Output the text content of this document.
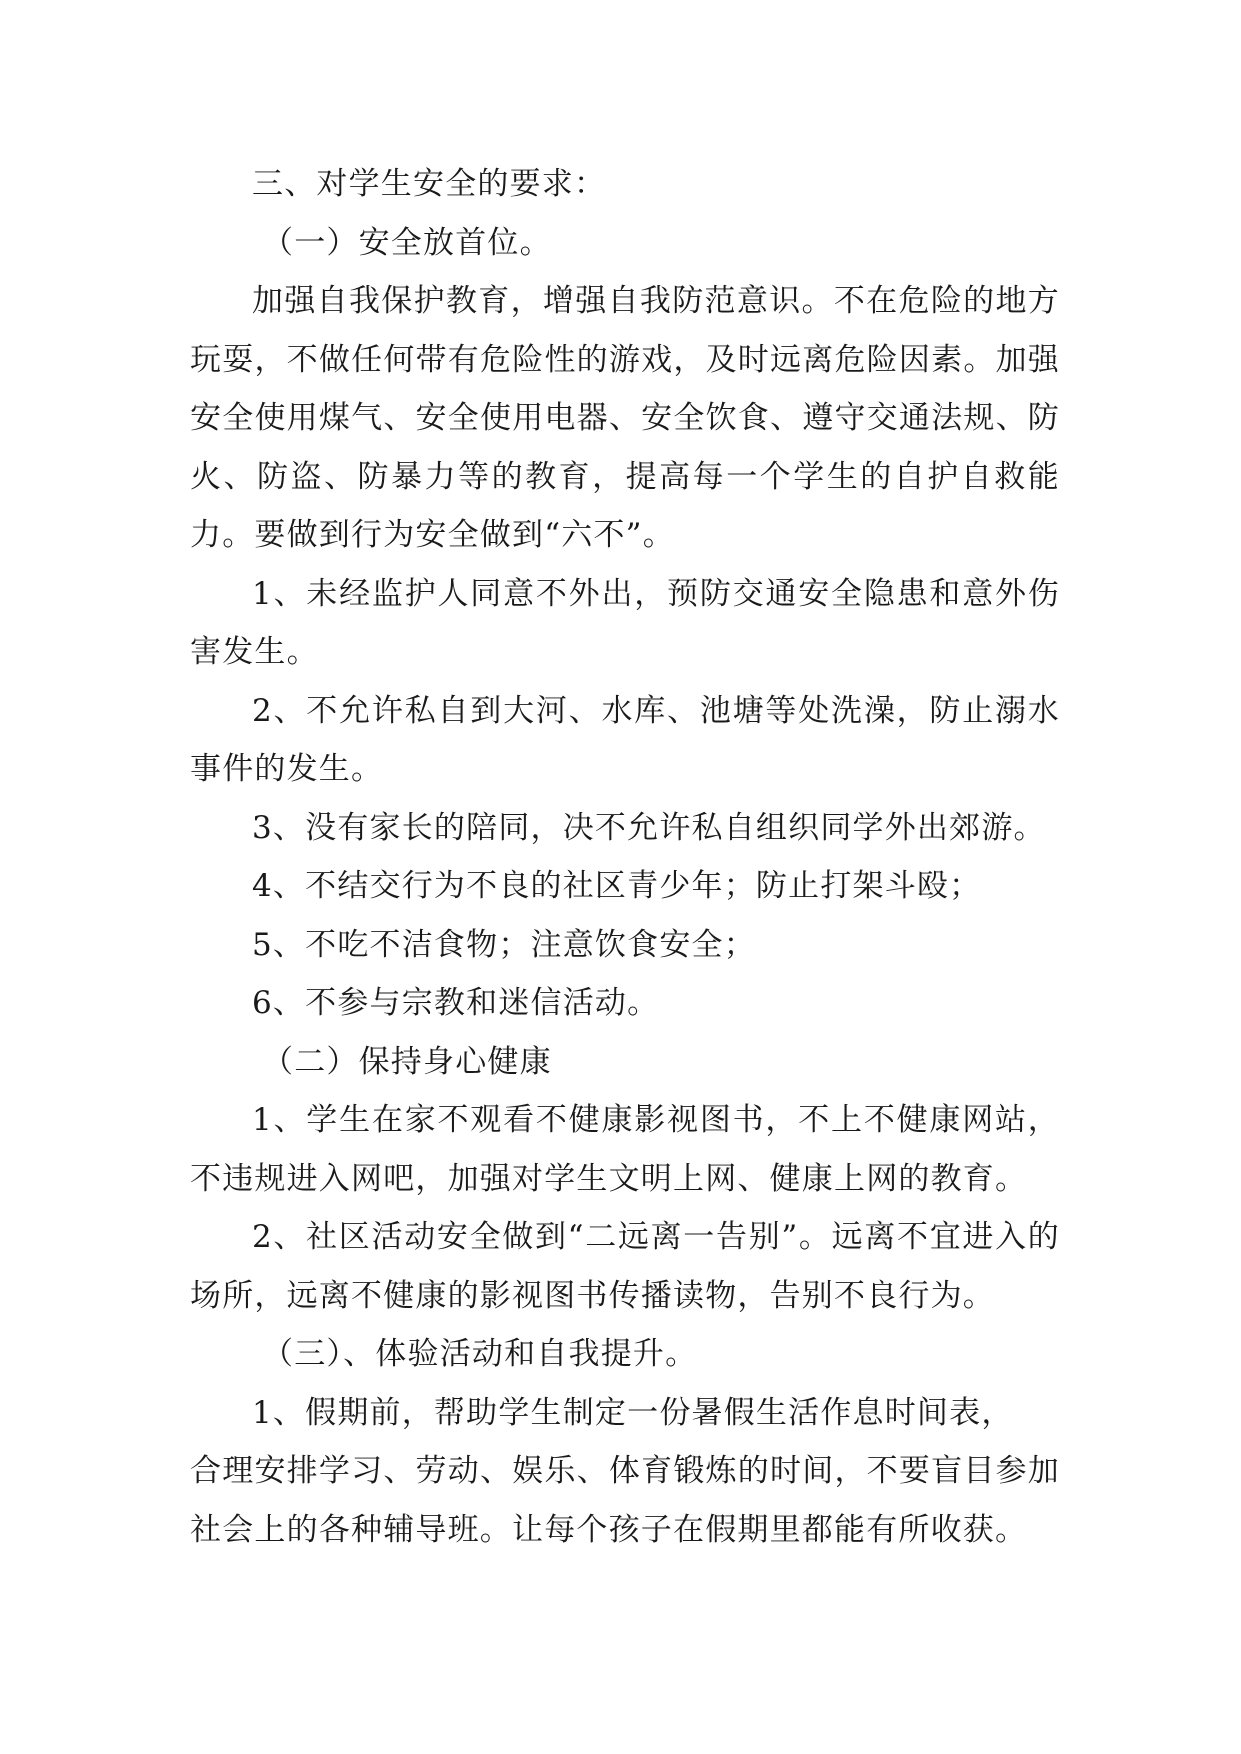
三、对学生安全的要求：

（一）安全放首位。

加强自我保护教育，增强自我防范意识。不在危险的地方玩耍，不做任何带有危险性的游戏，及时远离危险因素。加强安全使用煤气、安全使用电器、安全饮食、遵守交通法规、防火、防盗、防暴力等的教育，提高每一个学生的自护自救能力。要做到行为安全做到“六不”。

1、未经监护人同意不外出，预防交通安全隐患和意外伤害发生。

2、不允许私自到大河、水库、池塘等处洗澡，防止溺水事件的发生。

3、没有家长的陪同，决不允许私自组织同学外出郊游。

4、不结交行为不良的社区青少年；防止打架斗殴；

5、不吃不洁食物；注意饮食安全；

6、不参与宗教和迷信活动。

（二）保持身心健康

1、学生在家不观看不健康影视图书，不上不健康网站，不违规进入网吧，加强对学生文明上网、健康上网的教育。

2、社区活动安全做到“二远离一告别”。远离不宜进入的场所，远离不健康的影视图书传播读物，告别不良行为。

（三）、体验活动和自我提升。

1、假期前，帮助学生制定一份暑假生活作息时间表，

合理安排学习、劳动、娱乐、体育锻炼的时间，不要盲目参加社会上的各种辅导班。让每个孩子在假期里都能有所收获。
